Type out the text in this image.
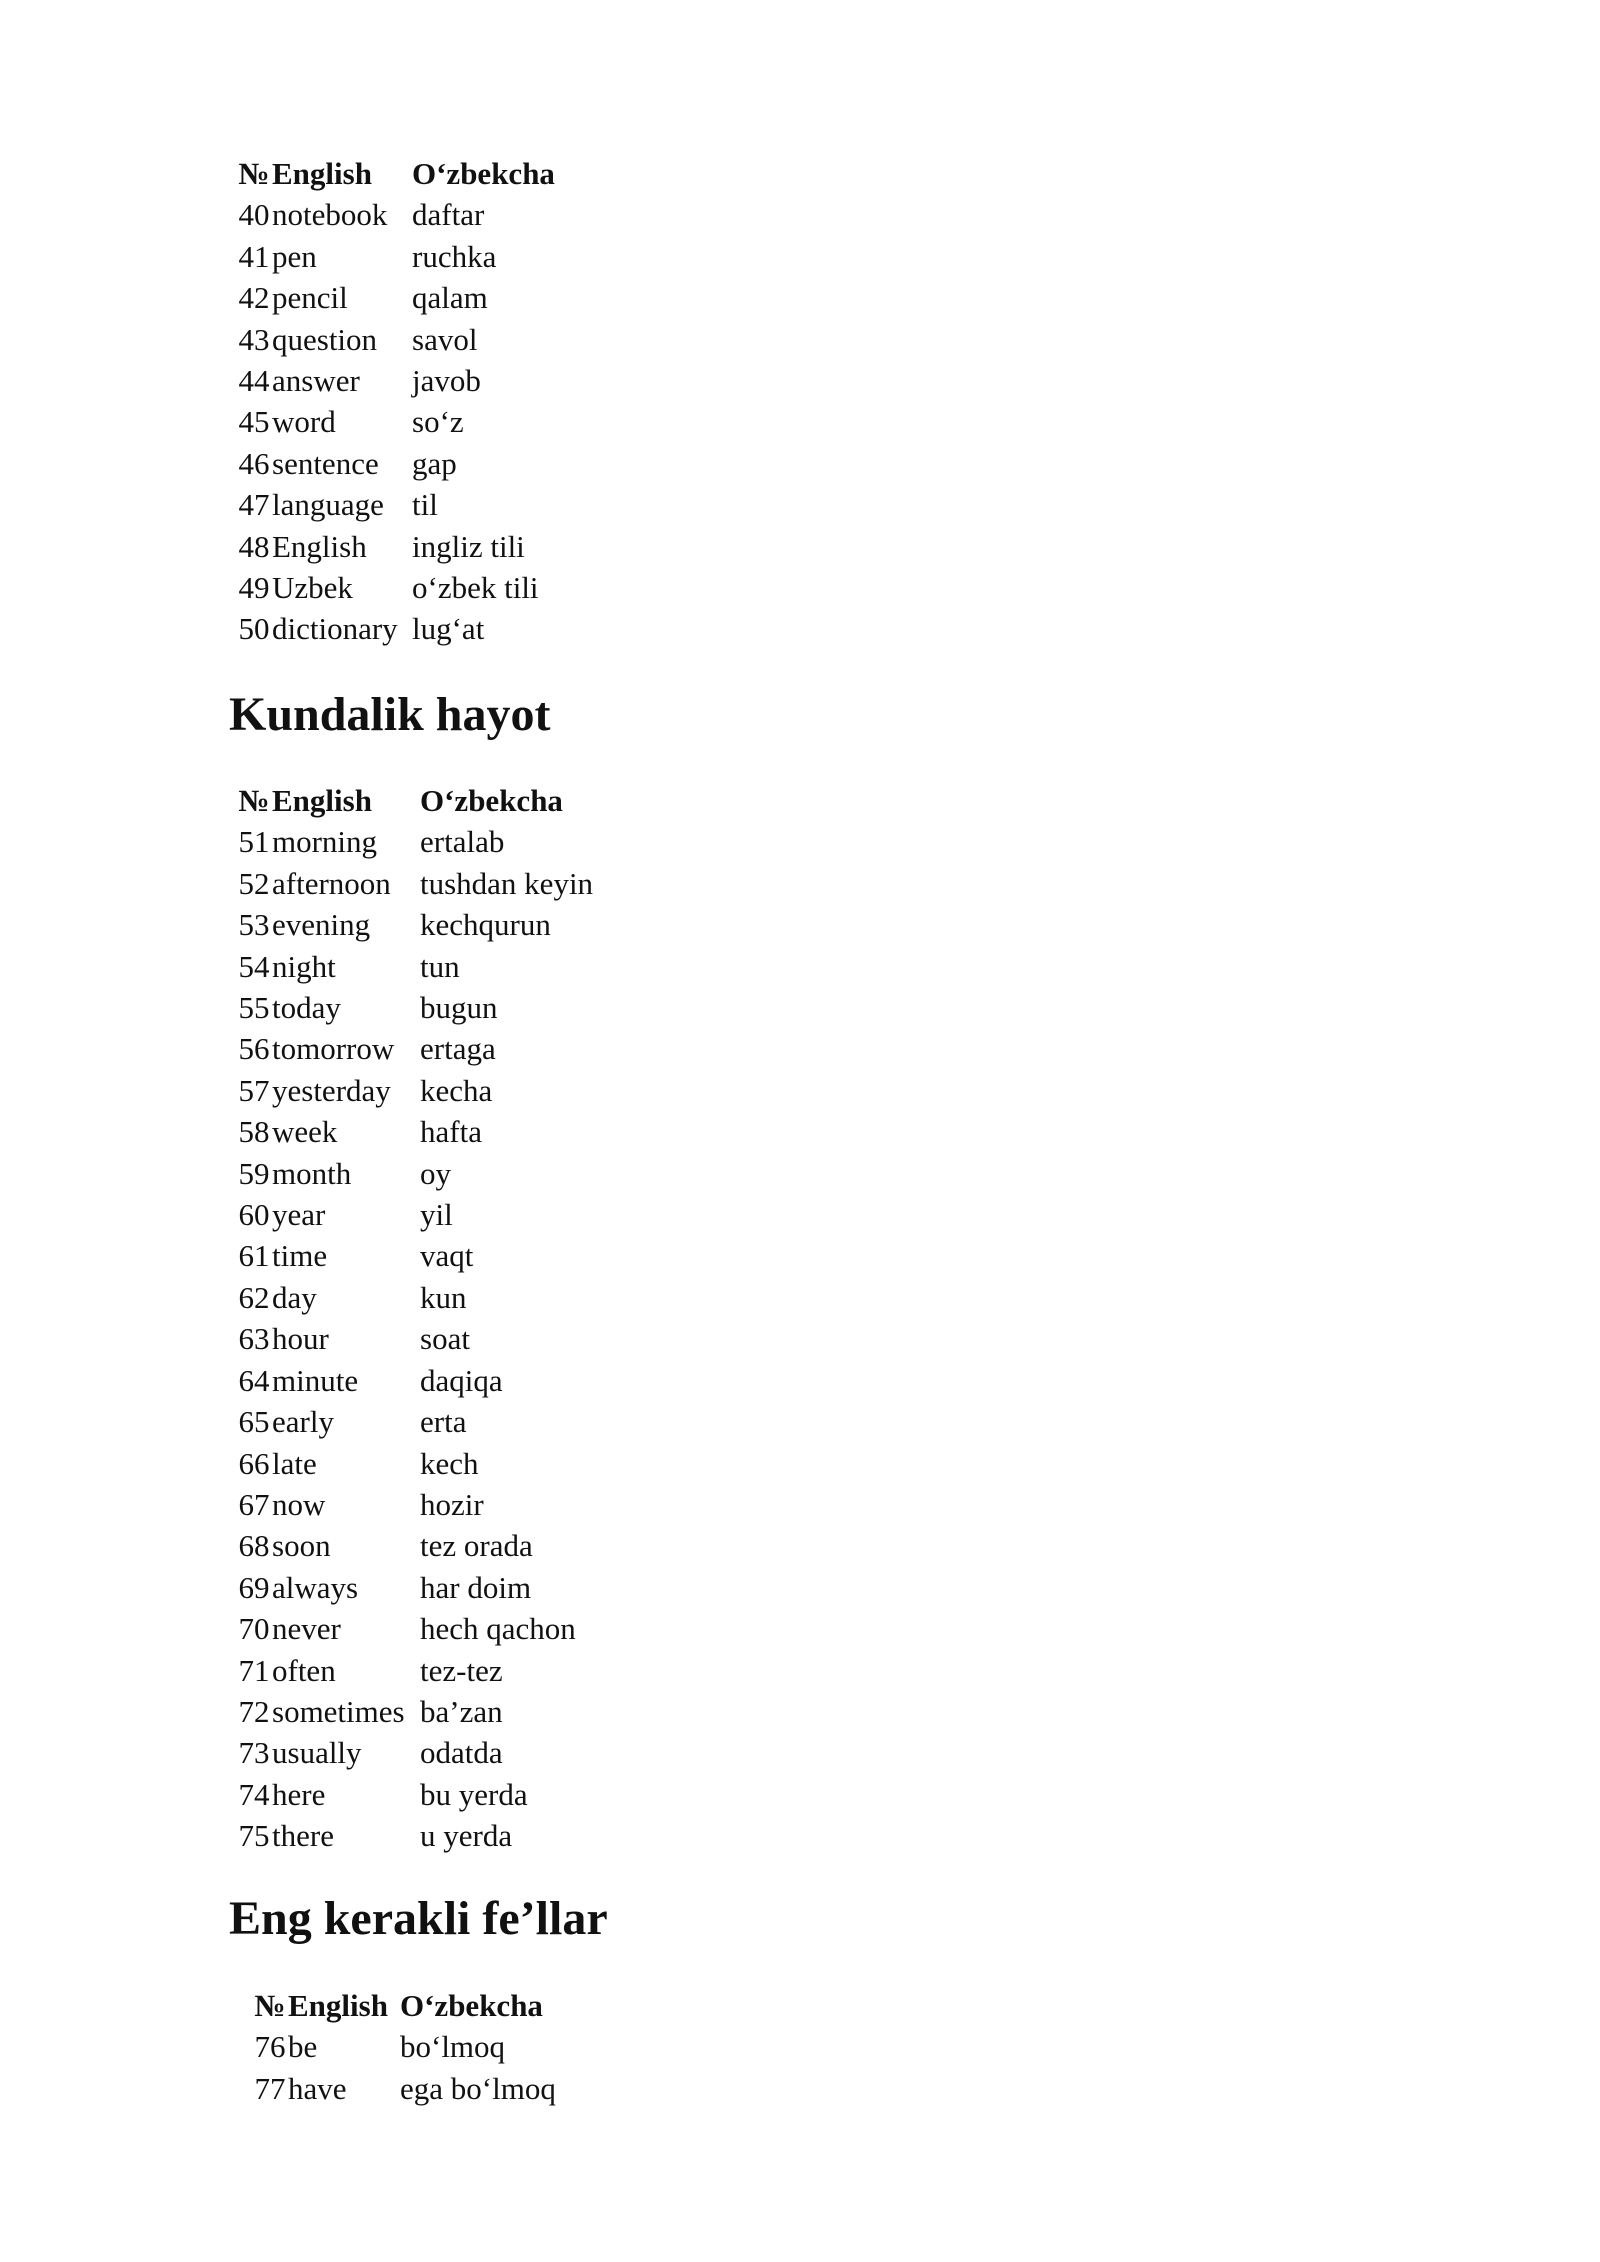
№	English	O‘zbekcha
40	notebook	daftar
41	pen	ruchka
42	pencil	qalam
43	question	savol
44	answer	javob
45	word	so‘z
46	sentence	gap
47	language	til
48	English	ingliz tili
49	Uzbek	o‘zbek tili
50	dictionary	lug‘at
Kundalik hayot
№	English	O‘zbekcha
51	morning	ertalab
52	afternoon	tushdan keyin
53	evening	kechqurun
54	night	tun
55	today	bugun
56	tomorrow	ertaga
57	yesterday	kecha
58	week	hafta
59	month	oy
60	year	yil
61	time	vaqt
62	day	kun
63	hour	soat
64	minute	daqiqa
65	early	erta
66	late	kech
67	now	hozir
68	soon	tez orada
69	always	har doim
70	never	hech qachon
71	often	tez-tez
72	sometimes	ba’zan
73	usually	odatda
74	here	bu yerda
75	there	u yerda
Eng kerakli fe’llar
№	English	O‘zbekcha
76	be	bo‘lmoq
77	have	ega bo‘lmoq
